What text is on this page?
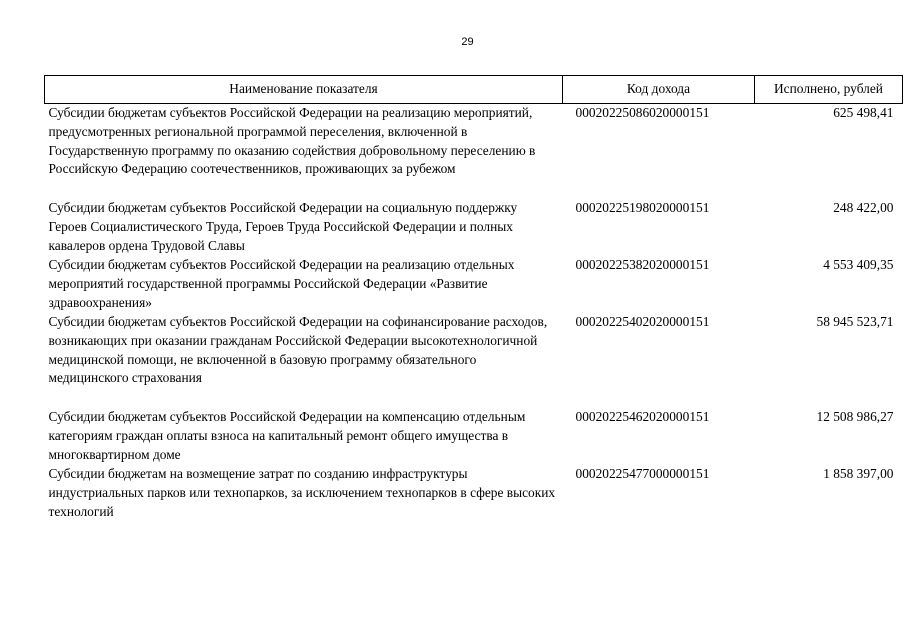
29
Наименование показателя	Код дохода	Исполнено, рублей
Субсидии бюджетам субъектов Российской Федерации на реализацию мероприятий, предусмотренных региональной программой переселения, включенной в Государственную программу по оказанию содействия добровольному переселению в Российскую Федерацию соотечественников, проживающих за рубежом	00020225086020000151	625 498,41
Субсидии бюджетам субъектов Российской Федерации на социальную поддержку Героев Социалистического Труда, Героев Труда Российской Федерации и полных кавалеров ордена Трудовой Славы	00020225198020000151	248 422,00
Субсидии бюджетам субъектов Российской Федерации на реализацию отдельных мероприятий государственной программы Российской Федерации «Развитие здравоохранения»	00020225382020000151	4 553 409,35
Субсидии бюджетам субъектов Российской Федерации на софинансирование расходов, возникающих при оказании гражданам Российской Федерации высокотехнологичной медицинской помощи, не включенной в базовую программу обязательного медицинского страхования	00020225402020000151	58 945 523,71
Субсидии бюджетам субъектов Российской Федерации на компенсацию отдельным категориям граждан оплаты взноса на капитальный ремонт общего имущества в многоквартирном доме	00020225462020000151	12 508 986,27
Субсидии бюджетам на возмещение затрат по созданию инфраструктуры индустриальных парков или технопарков, за исключением технопарков в сфере высоких технологий	00020225477000000151	1 858 397,00
